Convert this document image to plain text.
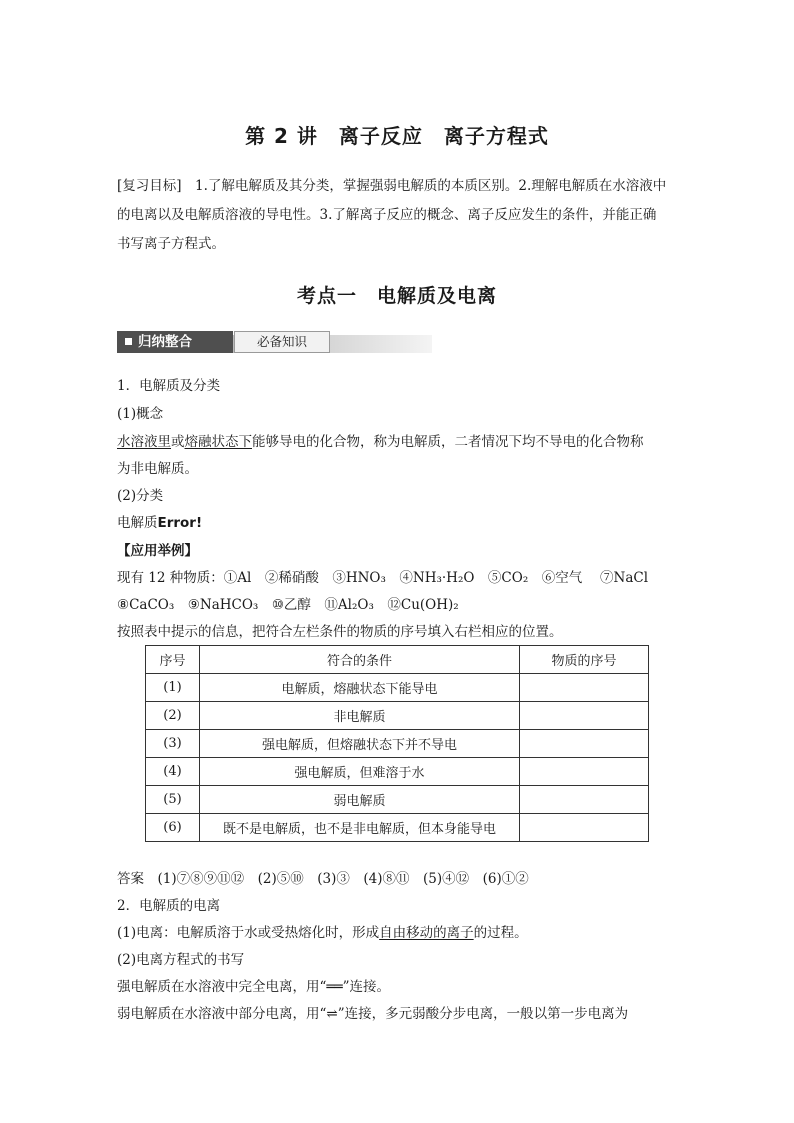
第 2 讲　离子反应　离子方程式
[复习目标]　 1.了解电解质及其分类，掌握强弱电解质的本质区别。2.理解电解质在水溶液中
的电离以及电解质溶液的导电性。3.了解离子反应的概念、离子反应发生的条件，并能正确
书写离子方程式。
考点一　电解质及电离
归纳整合	必备知识
1．电解质及分类
(1)概念
水溶液里或熔融状态下能够导电的化合物，称为电解质，二者情况下均不导电的化合物称
为非电解质。
(2)分类
电解质Error!
【应用举例】
现有 12 种物质：①Al　②稀硝酸　③HNO₃　④NH₃·H₂O　⑤CO₂　⑥空气　 ⑦NaCl
⑧CaCO₃　⑨NaHCO₃　⑩乙醇　⑪Al₂O₃　⑫Cu(OH)₂
按照表中提示的信息，把符合左栏条件的物质的序号填入右栏相应的位置。
序号	符合的条件	物质的序号
(1)	电解质，熔融状态下能导电	
(2)	非电解质	
(3)	强电解质，但熔融状态下并不导电	
(4)	强电解质，但难溶于水	
(5)	弱电解质	
(6)	既不是电解质，也不是非电解质，但本身能导电	
答案　 (1)⑦⑧⑨⑪⑫　(2)⑤⑩　(3)③　(4)⑧⑪　(5)④⑫　(6)①②
2．电解质的电离
(1)电离：电解质溶于水或受热熔化时，形成自由移动的离子的过程。
(2)电离方程式的书写
强电解质在水溶液中完全电离，用“══”连接。
弱电解质在水溶液中部分电离，用“⇌”连接，多元弱酸分步电离，一般以第一步电离为
